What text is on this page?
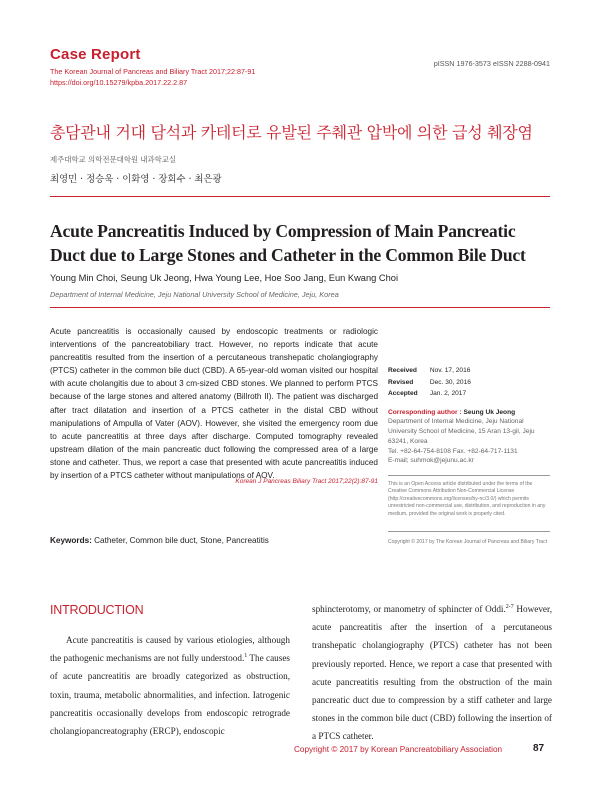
Case Report
The Korean Journal of Pancreas and Biliary Tract 2017;22:87-91
https://doi.org/10.15279/kpba.2017.22.2.87
pISSN 1976-3573 eISSN 2288-0941
총담관내 거대 담석과 카테터로 유발된 주췌관 압박에 의한 급성 췌장염
제주대학교 의학전문대학원 내과학교실
최영민 · 정승욱 · 이화영 · 장회수 · 최은광
Acute Pancreatitis Induced by Compression of Main Pancreatic Duct due to Large Stones and Catheter in the Common Bile Duct
Young Min Choi, Seung Uk Jeong, Hwa Young Lee, Hoe Soo Jang, Eun Kwang Choi
Department of Internal Medicine, Jeju National University School of Medicine, Jeju, Korea
Acute pancreatitis is occasionally caused by endoscopic treatments or radiologic interventions of the pancreatobiliary tract. However, no reports indicate that acute pancreatitis resulted from the insertion of a percutaneous transhepatic cholangiography (PTCS) catheter in the common bile duct (CBD). A 65-year-old woman visited our hospital with acute cholangitis due to about 3 cm-sized CBD stones. We planned to perform PTCS because of the large stones and altered anatomy (Billroth II). The patient was discharged after tract dilatation and insertion of a PTCS catheter in the distal CBD without manipulations of Ampulla of Vater (AOV). However, she visited the emergency room due to acute pancreatitis at three days after discharge. Computed tomography revealed upstream dilation of the main pancreatic duct following the compressed area of a large stone and catheter. Thus, we report a case that presented with acute pancreatitis induced by insertion of a PTCS catheter without manipulations of AOV.
Korean J Pancreas Biliary Tract 2017;22(2):87-91
Keywords: Catheter, Common bile duct, Stone, Pancreatitis
Received Nov. 17, 2016
Revised	Dec. 30, 2016
Accepted Jan. 2, 2017
Corresponding author : Seung Uk Jeong
Department of Internal Medicine, Jeju National University School of Medicine, 15 Aran 13-gil, Jeju 63241, Korea
Tel. +82-64-754-8108 Fax. +82-64-717-1131
E-mail; suhmok@jejunu.ac.kr
This is an Open Access article distributed under the terms of the Creative Commons Attribution Non-Commercial License (http://creativecommons.org/licenses/by-nc/3.0/) which permits unrestricted non-commercial use, distribution, and reproduction in any medium, provided the original work is properly cited.
Copyright © 2017 by The Korean Journal of Pancreas and Biliary Tract
INTRODUCTION

Acute pancreatitis is caused by various etiologies, although the pathogenic mechanisms are not fully understood.$^1$ The causes of acute pancreatitis are broadly categorized as obstruction, toxin, trauma, metabolic abnormalities, and infection. Iatrogenic pancreatitis occasionally develops from endoscopic retrograde cholangiopancreatography (ERCP), endoscopic

sphincterotomy, or manometry of sphincter of Oddi.$^{2-7}$ However, acute pancreatitis after the insertion of a percutaneous transhepatic cholangiography (PTCS) catheter has not been previously reported. Hence, we report a case that presented with acute pancreatitis resulting from the obstruction of the main pancreatic duct due to compression by a stiff catheter and large stones in the common bile duct (CBD) following the insertion of a PTCS catheter.

Copyright © 2017 by Korean Pancreatobiliary Association	87
